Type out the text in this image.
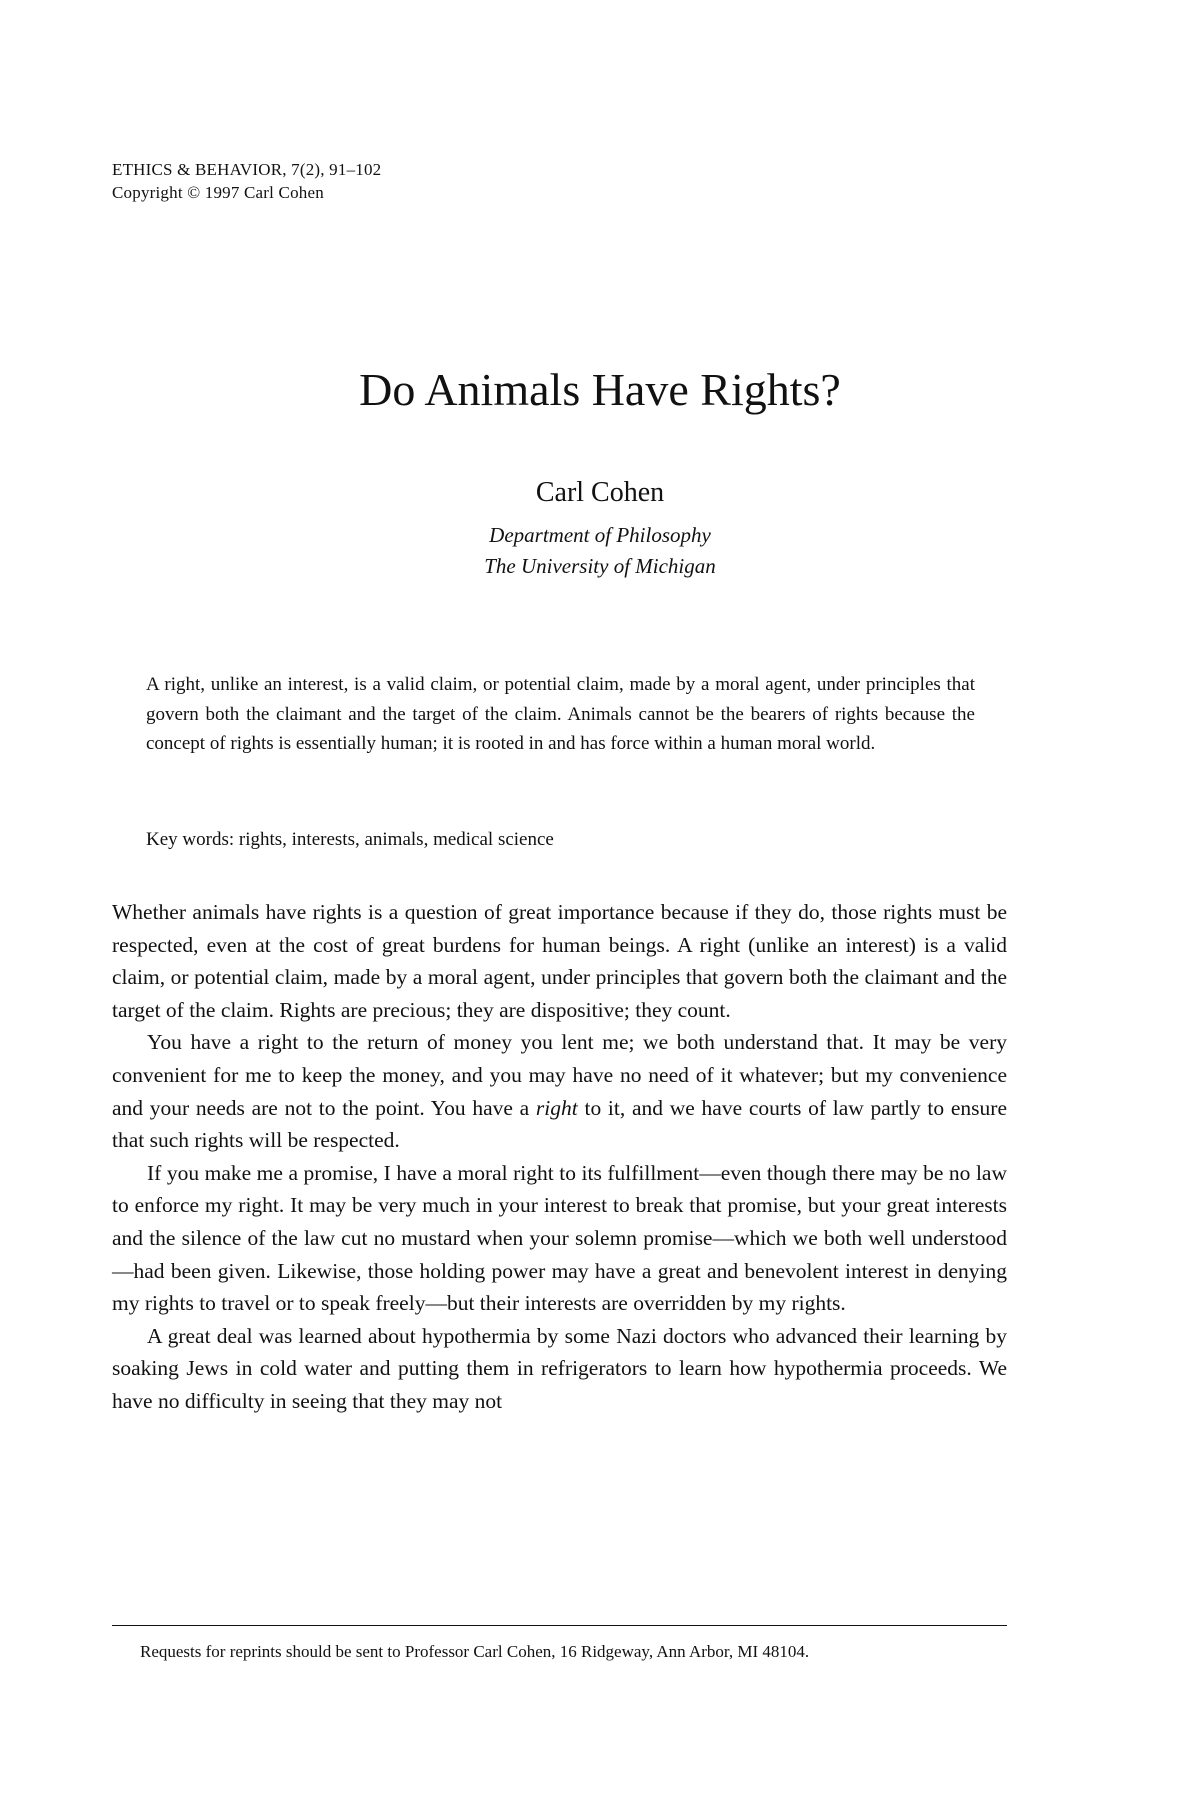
ETHICS & BEHAVIOR, 7(2), 91–102
Copyright © 1997 Carl Cohen
Do Animals Have Rights?
Carl Cohen
Department of Philosophy
The University of Michigan

A right, unlike an interest, is a valid claim, or potential claim, made by a moral agent, under principles that govern both the claimant and the target of the claim. Animals cannot be the bearers of rights because the concept of rights is essentially human; it is rooted in and has force within a human moral world.

Key words: rights, interests, animals, medical science

Whether animals have rights is a question of great importance because if they do, those rights must be respected, even at the cost of great burdens for human beings. A right (unlike an interest) is a valid claim, or potential claim, made by a moral agent, under principles that govern both the claimant and the target of the claim. Rights are precious; they are dispositive; they count.

You have a right to the return of money you lent me; we both understand that. It may be very convenient for me to keep the money, and you may have no need of it whatever; but my convenience and your needs are not to the point. You have a right to it, and we have courts of law partly to ensure that such rights will be respected.

If you make me a promise, I have a moral right to its fulfillment—even though there may be no law to enforce my right. It may be very much in your interest to break that promise, but your great interests and the silence of the law cut no mustard when your solemn promise—which we both well understood—had been given. Likewise, those holding power may have a great and benevolent interest in denying my rights to travel or to speak freely—but their interests are overridden by my rights.

A great deal was learned about hypothermia by some Nazi doctors who advanced their learning by soaking Jews in cold water and putting them in refrigerators to learn how hypothermia proceeds. We have no difficulty in seeing that they may not

Requests for reprints should be sent to Professor Carl Cohen, 16 Ridgeway, Ann Arbor, MI 48104.
